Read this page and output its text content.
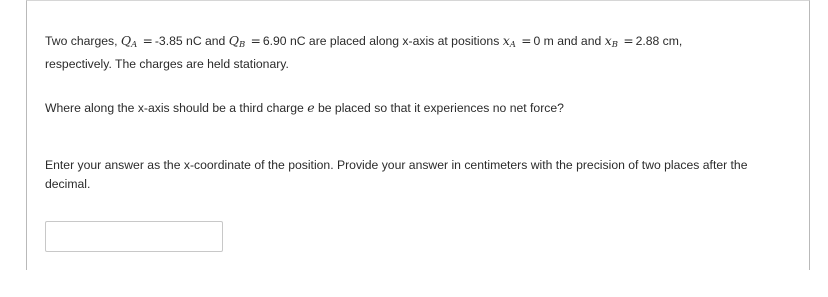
Two charges, $Q_A = -3.85$ nC and $Q_B = 6.90$ nC are placed along x-axis at positions $x_A = 0$ m and and $x_B = 2.88$ cm,
respectively. The charges are held stationary.

Where along the x-axis should be a third charge e be placed so that it experiences no net force?

Enter your answer as the x-coordinate of the position. Provide your answer in centimeters with the precision of two places after the decimal.
